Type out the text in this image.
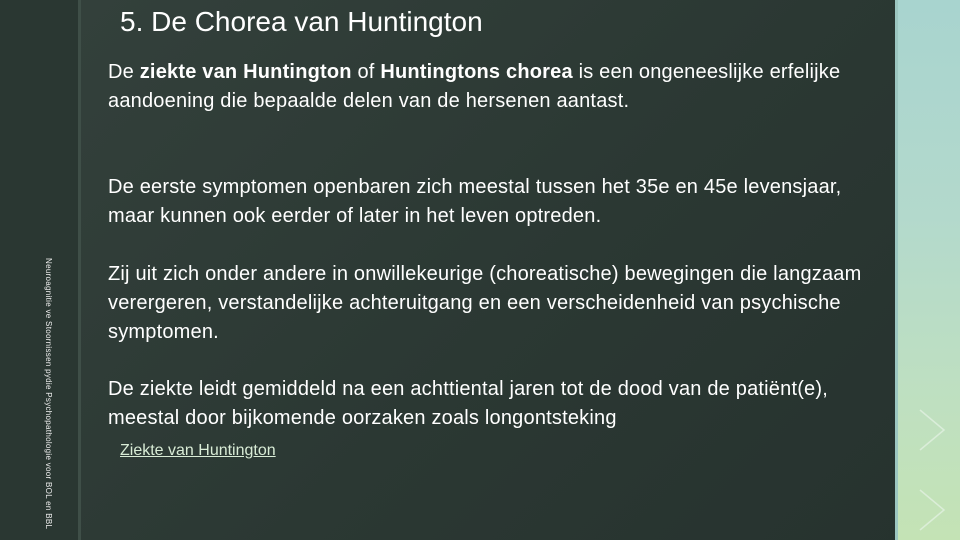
Neuroagnitie ve Stoornissen pydie Psychopathologie voor BOL en BBL
5. De Chorea van Huntington

De ziekte van Huntington of Huntingtons chorea is een ongeneeslijke erfelijke aandoening die bepaalde delen van de hersenen aantast.

De eerste symptomen openbaren zich meestal tussen het 35e en 45e levensjaar, maar kunnen ook eerder of later in het leven optreden.

Zij uit zich onder andere in onwillekeurige (choreatische) bewegingen die langzaam verergeren, verstandelijke achteruitgang en een verscheidenheid van psychische symptomen.

De ziekte leidt gemiddeld na een achttiental jaren tot de dood van de patiënt(e), meestal door bijkomende oorzaken zoals longontsteking

Ziekte van Huntington
